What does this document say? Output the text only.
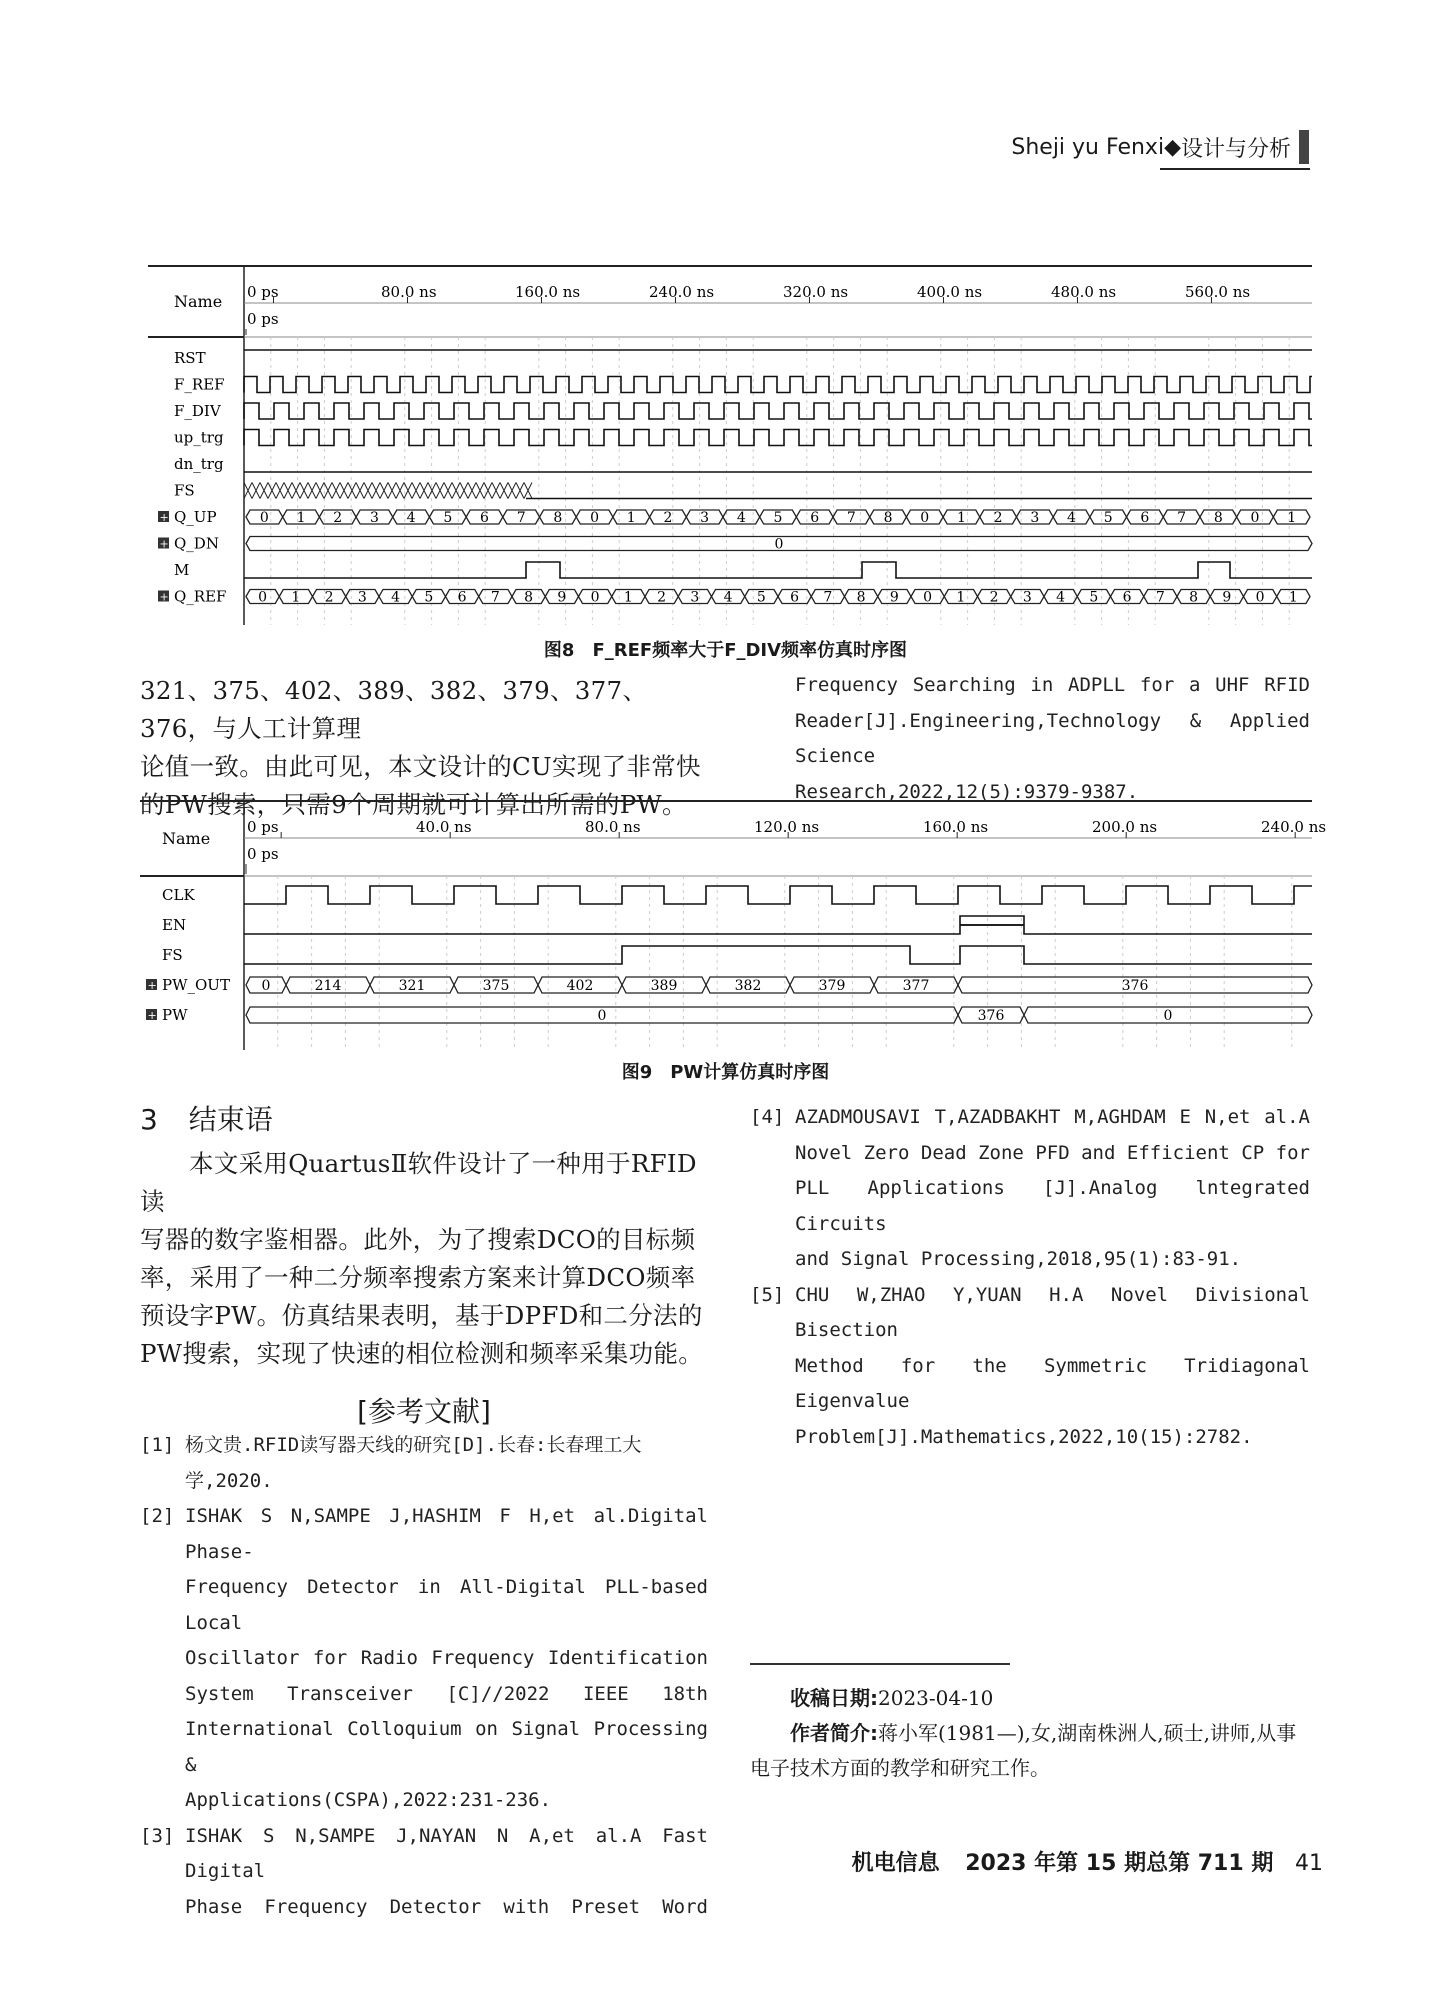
Sheji yu Fenxi ◆ 设计与分析
Name
0 ps
0 ps	80.0 ns	160.0 ns	240.0 ns	320.0 ns	400.0 ns	480.0 ns	560.0 ns
RST
F_REF
F_DIV
up_trg
dn_trg
FS
+ Q_UP	0 1 2 3 4 5 6 7 8 0 1 2 3 4 5 6 7 8 0 1 2 3 4 5 6 7 8 0 1
+ Q_DN	0
M
+ Q_REF 0 1 2 3 4 5 6 7 8 9 0 1 2 3 4 5 6 7 8 9 0 1 2 3 4 5 6 7 8 9 0 1
图8　F_REF频率大于F_DIV频率仿真时序图

321、375、402、389、382、379、377、376，与人工计算理

论值一致。由此可见，本文设计的CU实现了非常快

的PW搜索，只需9个周期就可计算出所需的PW。

Frequency Searching in ADPLL for a UHF RFID
Reader[J].Engineering,Technology & Applied Science
Research,2022,12(5):9379-9387.
Name
0 ps
0 ps	40.0 ns	80.0 ns	120.0 ns	160.0 ns	200.0 ns	240.0 ns
CLK
EN
FS
+ PW_OUT 0	214	321	375	402	389	382	379	377	376
+ PW	0	376	0
图9　PW计算仿真时序图
3 结束语

本文采用QuartusⅡ软件设计了一种用于RFID读

写器的数字鉴相器。此外，为了搜索DCO的目标频

率，采用了一种二分频率搜索方案来计算DCO频率

预设字PW。仿真结果表明，基于DPFD和二分法的

PW搜索，实现了快速的相位检测和频率采集功能。

[参考文献]
[1] 杨文贵.RFID读写器天线的研究[D].长春:长春理工大
学,2020.
[2] ISHAK S N,SAMPE J,HASHIM F H,et al.Digital Phase-
Frequency Detector in All-Digital PLL-based Local
Oscillator for Radio Frequency Identification
System Transceiver [C]//2022 IEEE 18th
International Colloquium on Signal Processing &
Applications(CSPA),2022:231-236.
[3] ISHAK S N,SAMPE J,NAYAN N A,et al.A Fast Digital
Phase Frequency Detector with Preset Word
[4] AZADMOUSAVI T,AZADBAKHT M,AGHDAM E N,et al.A
Novel Zero Dead Zone PFD and Efficient CP for
PLL Applications [J].Analog lntegrated Circuits
and Signal Processing,2018,95(1):83-91.
[5] CHU W,ZHAO Y,YUAN H.A Novel Divisional Bisection
Method for the Symmetric Tridiagonal Eigenvalue
Problem[J].Mathematics,2022,10(15):2782.
收稿日期:2023-04-10
作者简介:蒋小军(1981—),女,湖南株洲人,硕士,讲师,从事电子技术方面的教学和研究工作。
机电信息 2023 年第 15 期总第 711 期 41
